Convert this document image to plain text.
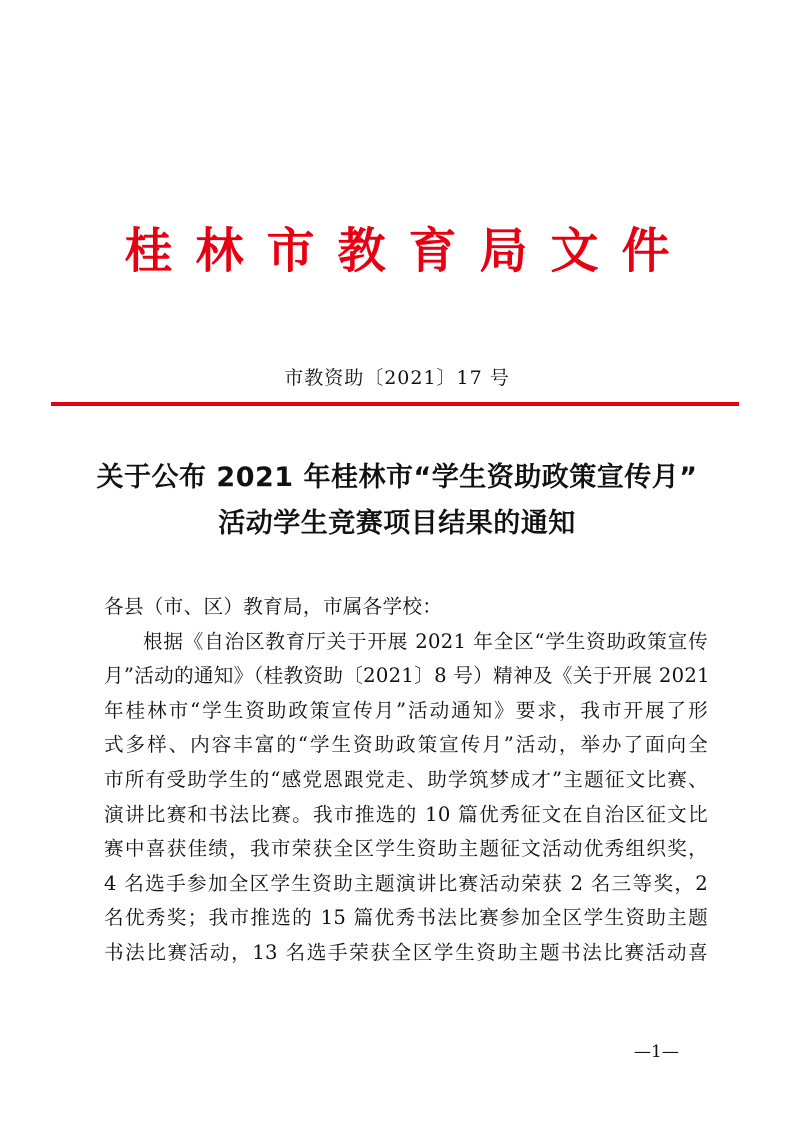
桂林市教育局文件
市教资助〔2021〕17 号
关于公布 2021 年桂林市“学生资助政策宣传月”
活动学生竞赛项目结果的通知
各县（市、区）教育局，市属各学校：
根据《自治区教育厅关于开展 2021 年全区“学生资助政策宣传
月”活动的通知》（桂教资助〔2021〕8 号）精神及《关于开展 2021
年桂林市“学生资助政策宣传月”活动通知》要求，我市开展了形
式多样、内容丰富的“学生资助政策宣传月”活动，举办了面向全
市所有受助学生的“感党恩跟党走、助学筑梦成才”主题征文比赛、
演讲比赛和书法比赛。我市推选的 10 篇优秀征文在自治区征文比
赛中喜获佳绩，我市荣获全区学生资助主题征文活动优秀组织奖，
4 名选手参加全区学生资助主题演讲比赛活动荣获 2 名三等奖，2
名优秀奖；我市推选的 15 篇优秀书法比赛参加全区学生资助主题
书法比赛活动，13 名选手荣获全区学生资助主题书法比赛活动喜
—1—
